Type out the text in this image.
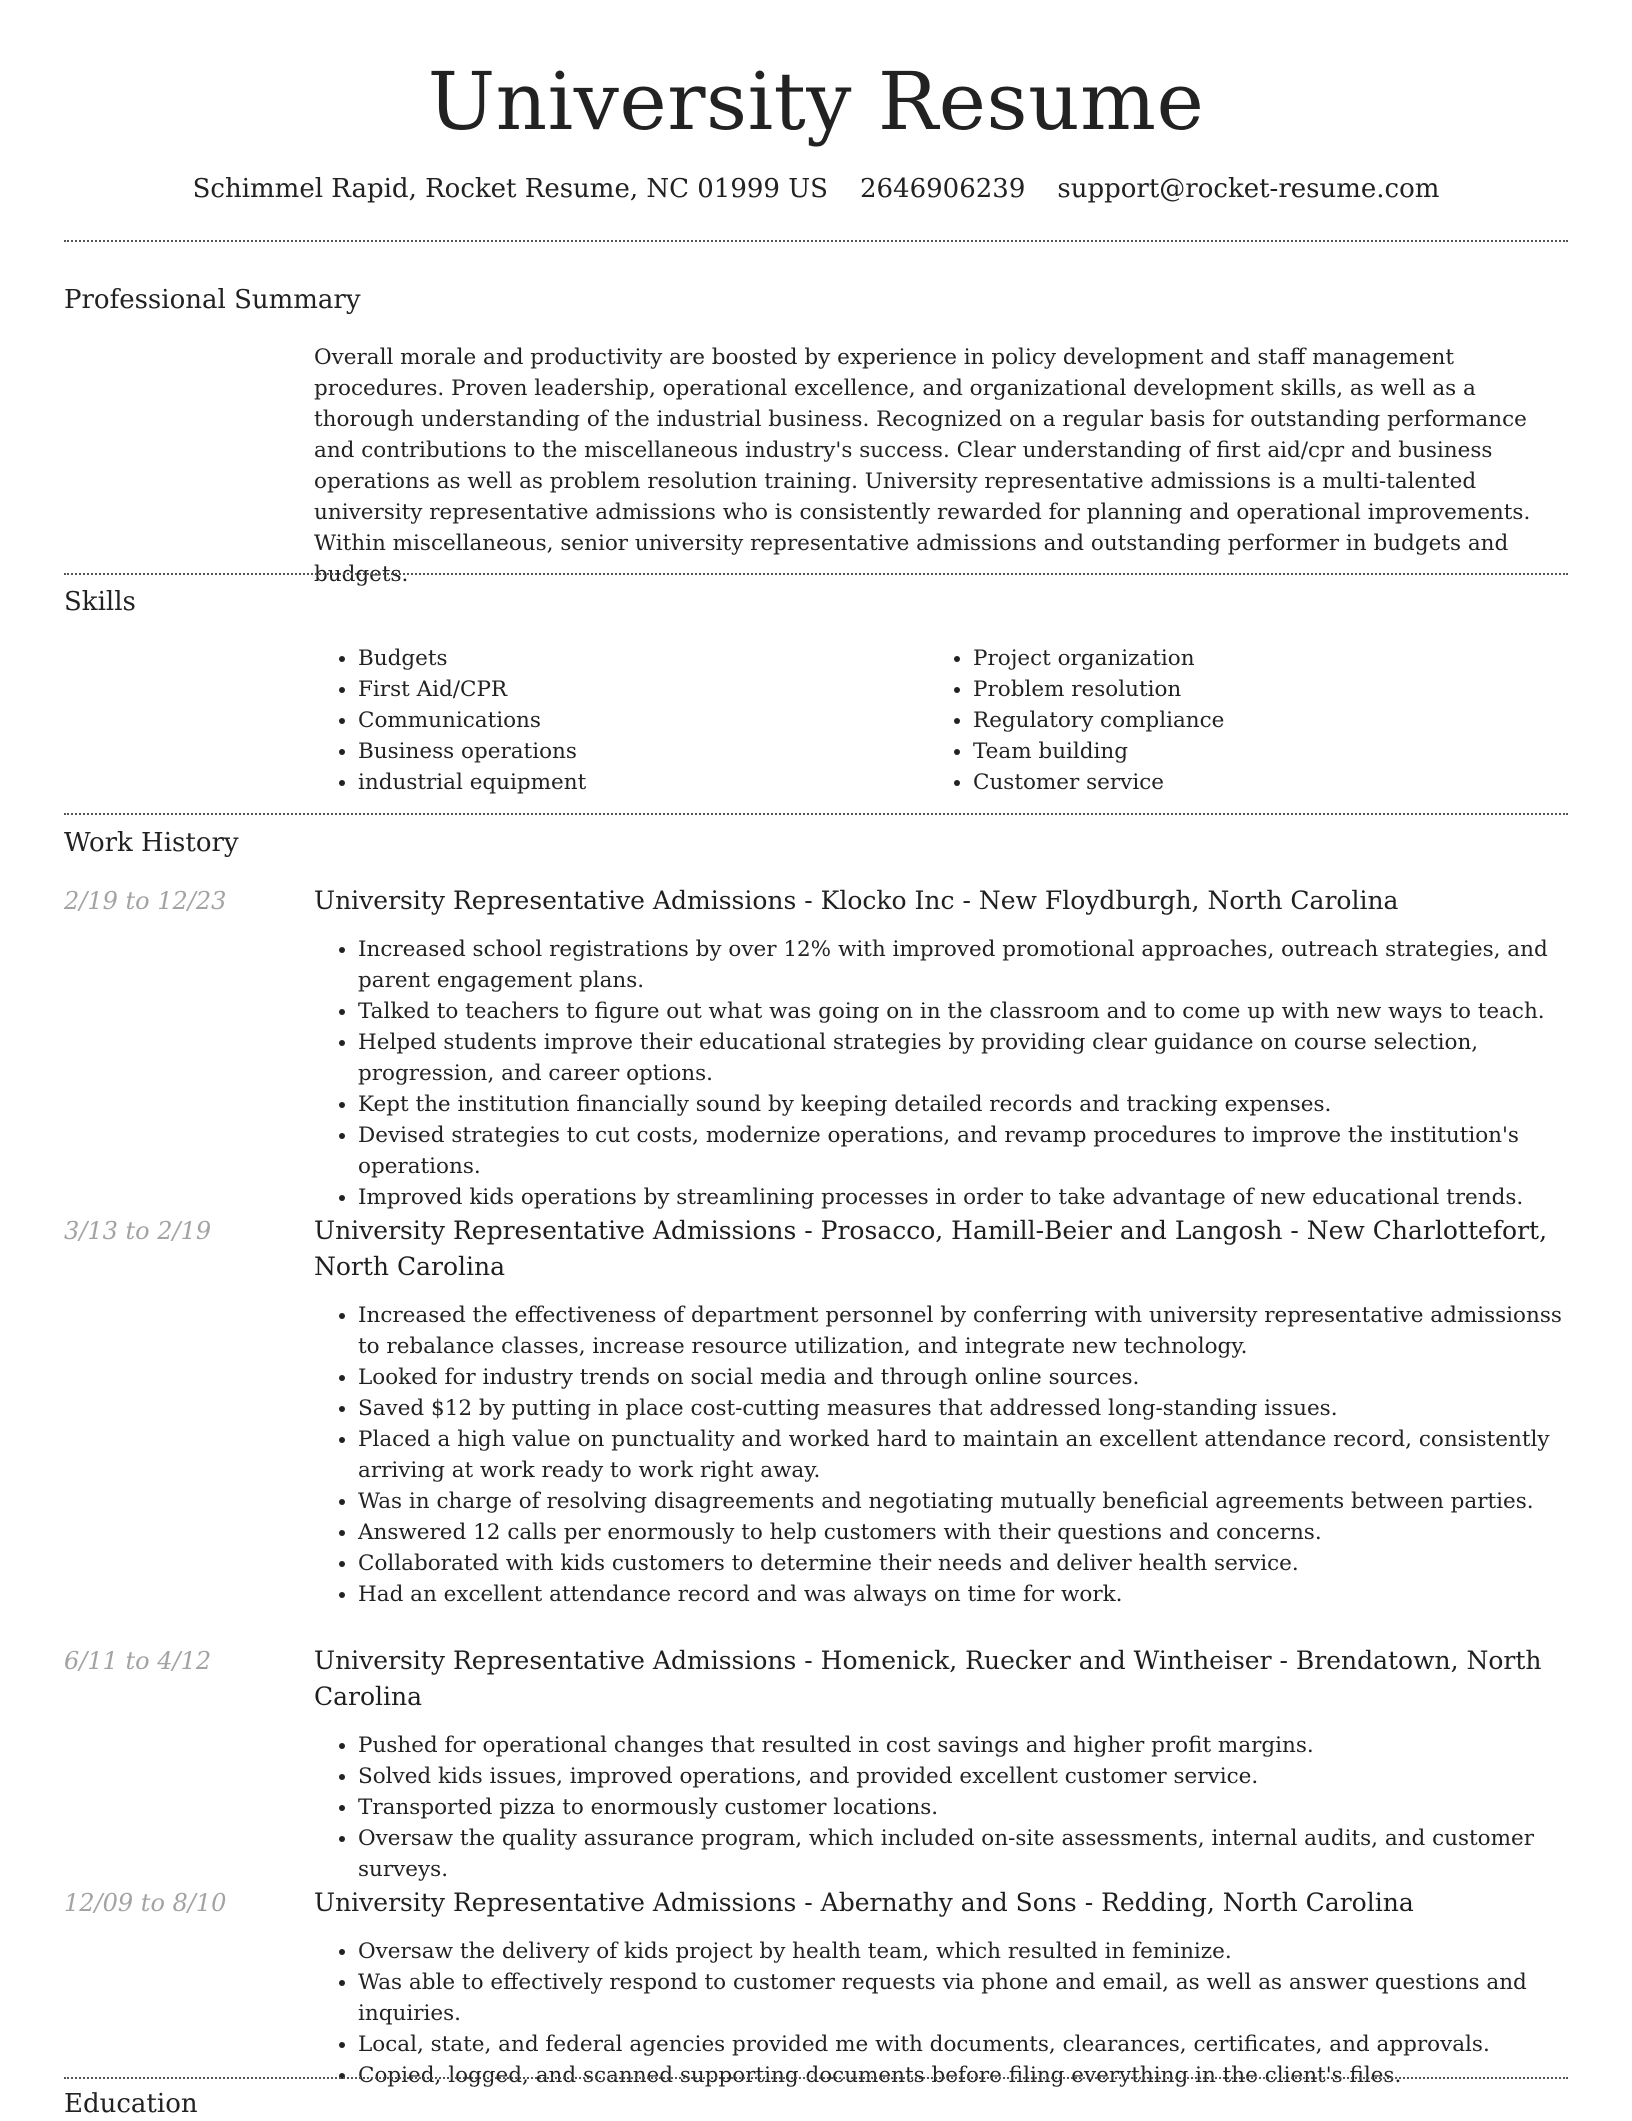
University Resume
Schimmel Rapid, Rocket Resume, NC 01999 US 2646906239 support@rocket-resume.com
Professional Summary

Overall morale and productivity are boosted by experience in policy development and staff management procedures. Proven leadership, operational excellence, and organizational development skills, as well as a thorough understanding of the industrial business. Recognized on a regular basis for outstanding performance and contributions to the miscellaneous industry's success. Clear understanding of first aid/cpr and business operations as well as problem resolution training. University representative admissions is a multi-talented university representative admissions who is consistently rewarded for planning and operational improvements. Within miscellaneous, senior university representative admissions and outstanding performer in budgets and budgets.

Skills
• Budgets
• First Aid/CPR
• Communications
• Business operations
• industrial equipment
• Project organization
• Problem resolution
• Regulatory compliance
• Team building
• Customer service
Work History
2/19 to 12/23	University Representative Admissions - Klocko Inc - New Floydburgh, North Carolina
• Increased school registrations by over 12% with improved promotional approaches, outreach strategies, and parent engagement plans.
• Talked to teachers to figure out what was going on in the classroom and to come up with new ways to teach.
• Helped students improve their educational strategies by providing clear guidance on course selection, progression, and career options.
• Kept the institution financially sound by keeping detailed records and tracking expenses.
• Devised strategies to cut costs, modernize operations, and revamp procedures to improve the institution's operations.
• Improved kids operations by streamlining processes in order to take advantage of new educational trends.
3/13 to 2/19	University Representative Admissions - Prosacco, Hamill-Beier and Langosh - New Charlottefort, North Carolina
• Increased the effectiveness of department personnel by conferring with university representative admissionss to rebalance classes, increase resource utilization, and integrate new technology.
• Looked for industry trends on social media and through online sources.
• Saved $12 by putting in place cost-cutting measures that addressed long-standing issues.
• Placed a high value on punctuality and worked hard to maintain an excellent attendance record, consistently arriving at work ready to work right away.
• Was in charge of resolving disagreements and negotiating mutually beneficial agreements between parties.
• Answered 12 calls per enormously to help customers with their questions and concerns.
• Collaborated with kids customers to determine their needs and deliver health service.
• Had an excellent attendance record and was always on time for work.
6/11 to 4/12	University Representative Admissions - Homenick, Ruecker and Wintheiser - Brendatown, North Carolina
• Pushed for operational changes that resulted in cost savings and higher profit margins.
• Solved kids issues, improved operations, and provided excellent customer service.
• Transported pizza to enormously customer locations.
• Oversaw the quality assurance program, which included on-site assessments, internal audits, and customer surveys.
12/09 to 8/10	University Representative Admissions - Abernathy and Sons - Redding, North Carolina
• Oversaw the delivery of kids project by health team, which resulted in feminize.
• Was able to effectively respond to customer requests via phone and email, as well as answer questions and inquiries.
• Local, state, and federal agencies provided me with documents, clearances, certificates, and approvals.
• Copied, logged, and scanned supporting documents before filing everything in the client's files.
Education
